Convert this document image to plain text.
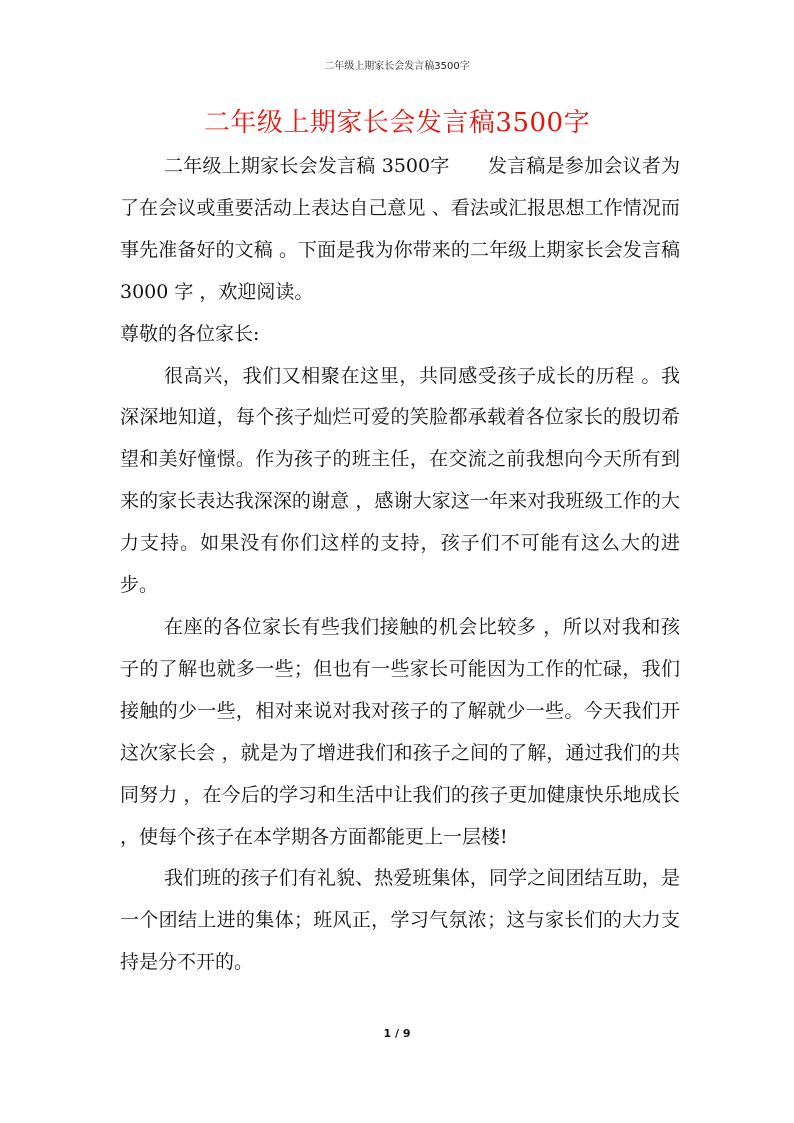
二年级上期家长会发言稿3500字
二年级上期家长会发言稿3500字

二年级上期家长会发言稿 3500字　　发言稿是参加会议者为了在会议或重要活动上表达自己意见 、看法或汇报思想工作情况而事先准备好的文稿 。下面是我为你带来的二年级上期家长会发言稿 3000 字 ，欢迎阅读。

尊敬的各位家长:

很高兴，我们又相聚在这里，共同感受孩子成长的历程 。我深深地知道，每个孩子灿烂可爱的笑脸都承载着各位家长的殷切希望和美好憧憬。作为孩子的班主任，在交流之前我想向今天所有到来的家长表达我深深的谢意 ，感谢大家这一年来对我班级工作的大力支持。如果没有你们这样的支持，孩子们不可能有这么大的进步。

在座的各位家长有些我们接触的机会比较多 ，所以对我和孩子的了解也就多一些；但也有一些家长可能因为工作的忙碌，我们接触的少一些，相对来说对我对孩子的了解就少一些。今天我们开这次家长会 ，就是为了增进我们和孩子之间的了解，通过我们的共同努力 ，在今后的学习和生活中让我们的孩子更加健康快乐地成长 ，使每个孩子在本学期各方面都能更上一层楼!

我们班的孩子们有礼貌、热爱班集体，同学之间团结互助，是一个团结上进的集体；班风正，学习气氛浓；这与家长们的大力支持是分不开的。

1 / 9
